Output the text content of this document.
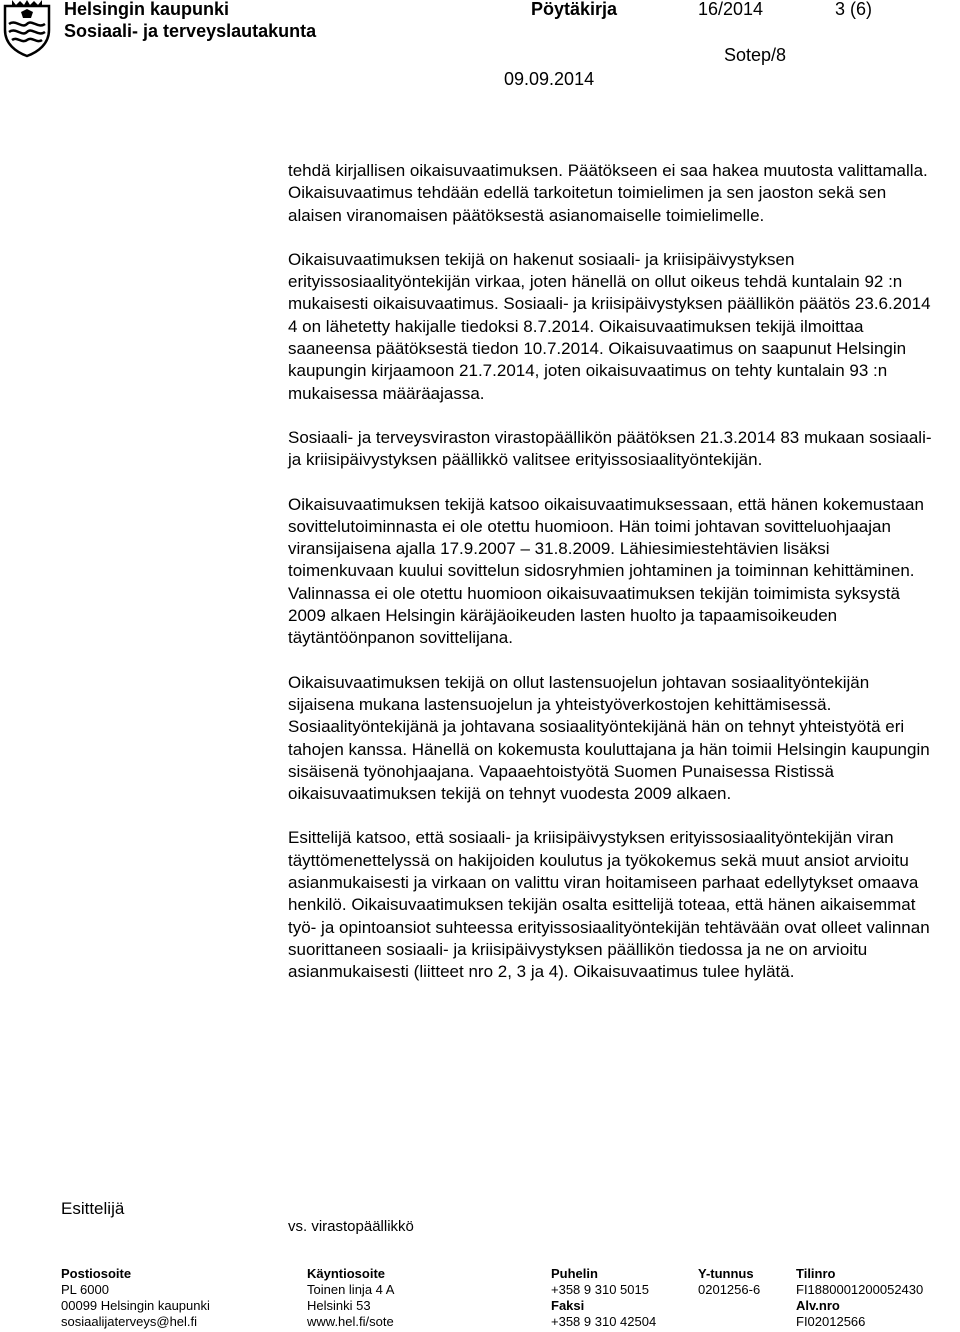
Helsingin kaupunki
Sosiaali- ja terveyslautakunta
Pöytäkirja	16/2014	3 (6)
Sotep/8
09.09.2014

tehdä kirjallisen oikaisuvaatimuksen. Päätökseen ei saa hakea muutosta valittamalla. Oikaisuvaatimus tehdään edellä tarkoitetun toimielimen ja sen jaoston sekä sen alaisen viranomaisen päätöksestä asianomaiselle toimielimelle.

Oikaisuvaatimuksen tekijä on hakenut sosiaali- ja kriisipäivystyksen erityissosiaalityöntekijän virkaa, joten hänellä on ollut oikeus tehdä kuntalain 92 :n mukaisesti oikaisuvaatimus. Sosiaali- ja kriisipäivystyksen päällikön päätös 23.6.2014 4 on lähetetty hakijalle tiedoksi 8.7.2014. Oikaisuvaatimuksen tekijä ilmoittaa saaneensa päätöksestä tiedon 10.7.2014. Oikaisuvaatimus on saapunut Helsingin kaupungin kirjaamoon 21.7.2014, joten oikaisuvaatimus on tehty kuntalain 93 :n mukaisessa määräajassa.

Sosiaali- ja terveysviraston virastopäällikön päätöksen 21.3.2014 83 mukaan sosiaali- ja kriisipäivystyksen päällikkö valitsee erityissosiaalityöntekijän.

Oikaisuvaatimuksen tekijä katsoo oikaisuvaatimuksessaan, että hänen kokemustaan sovittelutoiminnasta ei ole otettu huomioon. Hän toimi johtavan sovitteluohjaajan viransijaisena ajalla 17.9.2007 – 31.8.2009. Lähiesimiestehtävien lisäksi toimenkuvaan kuului sovittelun sidosryhmien johtaminen ja toiminnan kehittäminen. Valinnassa ei ole otettu huomioon oikaisuvaatimuksen tekijän toimimista syksystä 2009 alkaen Helsingin käräjäoikeuden lasten huolto ja tapaamisoikeuden täytäntöönpanon sovittelijana.

Oikaisuvaatimuksen tekijä on ollut lastensuojelun johtavan sosiaalityöntekijän sijaisena mukana lastensuojelun ja yhteistyöverkostojen kehittämisessä. Sosiaalityöntekijänä ja johtavana sosiaalityöntekijänä hän on tehnyt yhteistyötä eri tahojen kanssa. Hänellä on kokemusta kouluttajana ja hän toimii Helsingin kaupungin sisäisenä työnohjaajana. Vapaaehtoistyötä Suomen Punaisessa Ristissä oikaisuvaatimuksen tekijä on tehnyt vuodesta 2009 alkaen.

Esittelijä katsoo, että sosiaali- ja kriisipäivystyksen erityissosiaalityöntekijän viran täyttömenettelyssä on hakijoiden koulutus ja työkokemus sekä muut ansiot arvioitu asianmukaisesti ja virkaan on valittu viran hoitamiseen parhaat edellytykset omaava henkilö. Oikaisuvaatimuksen tekijän osalta esittelijä toteaa, että hänen aikaisemmat työ- ja opintoansiot suhteessa erityissosiaalityöntekijän tehtävään ovat olleet valinnan suorittaneen sosiaali- ja kriisipäivystyksen päällikön tiedossa ja ne on arvioitu asianmukaisesti (liitteet nro 2, 3 ja 4). Oikaisuvaatimus tulee hylätä.

Esittelijä
vs. virastopäällikkö
Postiosoite
PL 6000
00099 Helsingin kaupunki
sosiaalijaterveys@hel.fi
Käyntiosoite
Toinen linja 4 A
Helsinki 53
www.hel.fi/sote
Puhelin
+358 9 310 5015
Faksi
+358 9 310 42504
Y-tunnus
0201256-6
Tilinro
FI1880001200052430
Alv.nro
FI02012566
